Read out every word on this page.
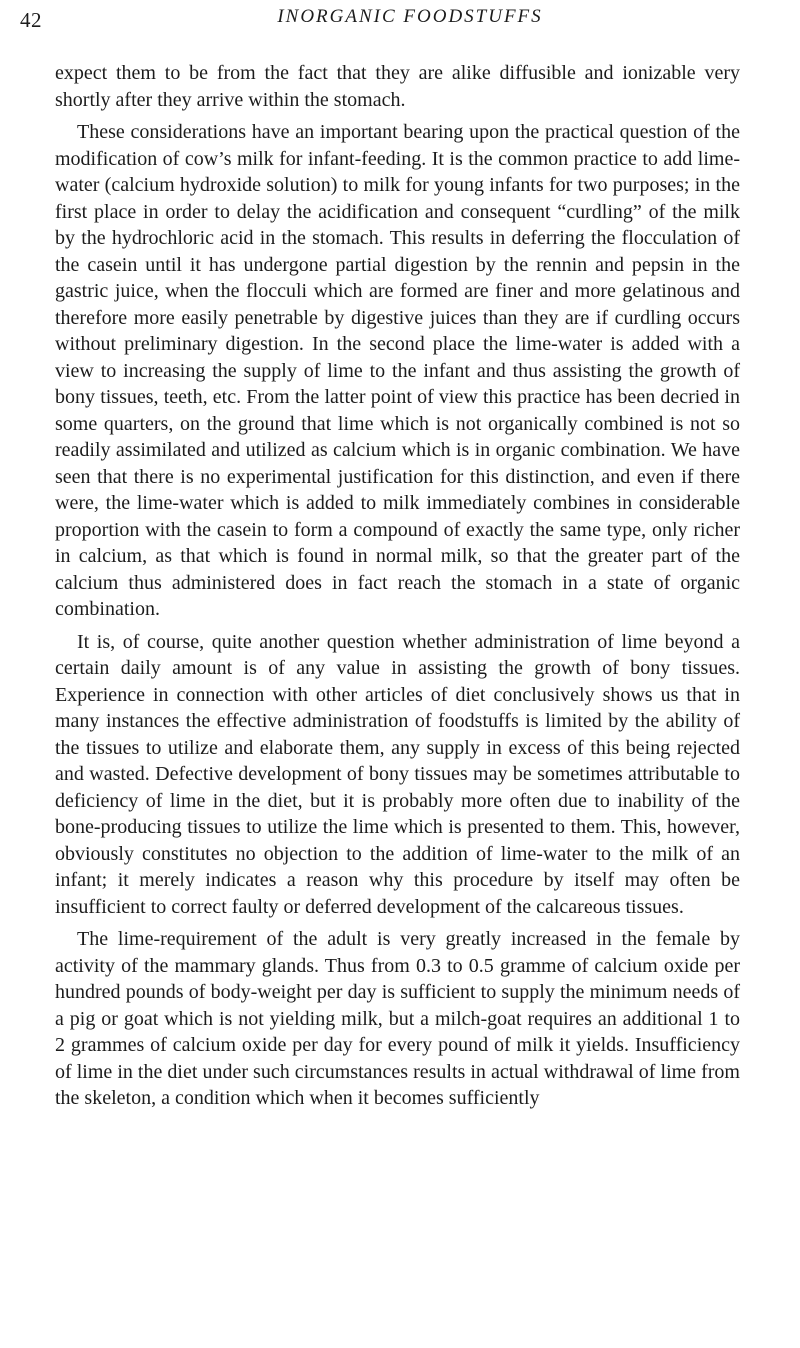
42	INORGANIC FOODSTUFFS

expect them to be from the fact that they are alike diffusible and ionizable very shortly after they arrive within the stomach.

These considerations have an important bearing upon the practical question of the modification of cow’s milk for infant-feeding. It is the common practice to add lime-water (calcium hydroxide solution) to milk for young infants for two purposes; in the first place in order to delay the acidification and consequent “curdling” of the milk by the hydrochloric acid in the stomach. This results in deferring the flocculation of the casein until it has undergone partial digestion by the rennin and pepsin in the gastric juice, when the flocculi which are formed are finer and more gelatinous and therefore more easily penetrable by digestive juices than they are if curdling occurs without preliminary digestion. In the second place the lime-water is added with a view to increasing the supply of lime to the infant and thus assisting the growth of bony tissues, teeth, etc. From the latter point of view this practice has been decried in some quarters, on the ground that lime which is not organically combined is not so readily assimilated and utilized as calcium which is in organic combination. We have seen that there is no experimental justification for this distinction, and even if there were, the lime-water which is added to milk immediately combines in considerable proportion with the casein to form a compound of exactly the same type, only richer in calcium, as that which is found in normal milk, so that the greater part of the calcium thus administered does in fact reach the stomach in a state of organic combination.

It is, of course, quite another question whether administration of lime beyond a certain daily amount is of any value in assisting the growth of bony tissues. Experience in connection with other articles of diet conclusively shows us that in many instances the effective administration of foodstuffs is limited by the ability of the tissues to utilize and elaborate them, any supply in excess of this being rejected and wasted. Defective development of bony tissues may be sometimes attributable to deficiency of lime in the diet, but it is probably more often due to inability of the bone-producing tissues to utilize the lime which is presented to them. This, however, obviously constitutes no objection to the addition of lime-water to the milk of an infant; it merely indicates a reason why this procedure by itself may often be insufficient to correct faulty or deferred development of the calcareous tissues.

The lime-requirement of the adult is very greatly increased in the female by activity of the mammary glands. Thus from 0.3 to 0.5 gramme of calcium oxide per hundred pounds of body-weight per day is sufficient to supply the minimum needs of a pig or goat which is not yielding milk, but a milch-goat requires an additional 1 to 2 grammes of calcium oxide per day for every pound of milk it yields. Insufficiency of lime in the diet under such circumstances results in actual withdrawal of lime from the skeleton, a condition which when it becomes sufficiently
